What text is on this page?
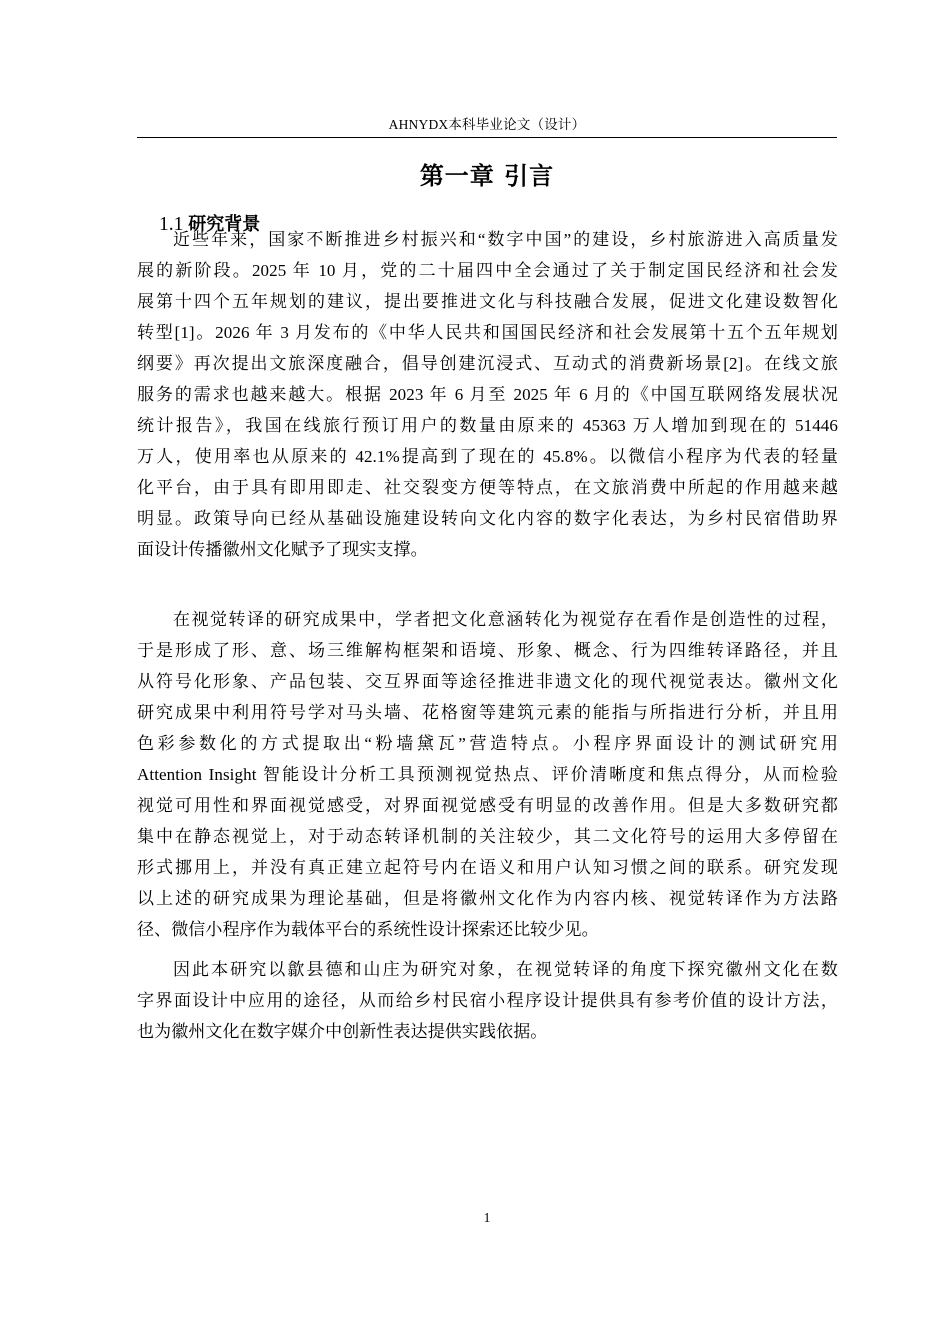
AHNYDX本科毕业论文（设计）
第一章 引言
1.1 研究背景
近些年来，国家不断推进乡村振兴和“数字中国”的建设，乡村旅游进入高质量发
展的新阶段。2025 年 10 月，党的二十届四中全会通过了关于制定国民经济和社会发
展第十四个五年规划的建议，提出要推进文化与科技融合发展，促进文化建设数智化
转型[1]。2026 年 3 月发布的《中华人民共和国国民经济和社会发展第十五个五年规划
纲要》再次提出文旅深度融合，倡导创建沉浸式、互动式的消费新场景[2]。在线文旅
服务的需求也越来越大。根据 2023 年 6 月至 2025 年 6 月的《中国互联网络发展状况
统计报告》，我国在线旅行预订用户的数量由原来的 45363 万人增加到现在的 51446
万人，使用率也从原来的 42.1%提高到了现在的 45.8%。以微信小程序为代表的轻量
化平台，由于具有即用即走、社交裂变方便等特点，在文旅消费中所起的作用越来越
明显。政策导向已经从基础设施建设转向文化内容的数字化表达，为乡村民宿借助界
面设计传播徽州文化赋予了现实支撑。
在视觉转译的研究成果中，学者把文化意涵转化为视觉存在看作是创造性的过程，
于是形成了形、意、场三维解构框架和语境、形象、概念、行为四维转译路径，并且
从符号化形象、产品包装、交互界面等途径推进非遗文化的现代视觉表达。徽州文化
研究成果中利用符号学对马头墙、花格窗等建筑元素的能指与所指进行分析，并且用
色彩参数化的方式提取出“粉墙黛瓦”营造特点。小程序界面设计的测试研究用
Attention Insight 智能设计分析工具预测视觉热点、评价清晰度和焦点得分，从而检验
视觉可用性和界面视觉感受，对界面视觉感受有明显的改善作用。但是大多数研究都
集中在静态视觉上，对于动态转译机制的关注较少，其二文化符号的运用大多停留在
形式挪用上，并没有真正建立起符号内在语义和用户认知习惯之间的联系。研究发现
以上述的研究成果为理论基础，但是将徽州文化作为内容内核、视觉转译作为方法路
径、微信小程序作为载体平台的系统性设计探索还比较少见。
因此本研究以歙县德和山庄为研究对象，在视觉转译的角度下探究徽州文化在数
字界面设计中应用的途径，从而给乡村民宿小程序设计提供具有参考价值的设计方法，
也为徽州文化在数字媒介中创新性表达提供实践依据。
1
